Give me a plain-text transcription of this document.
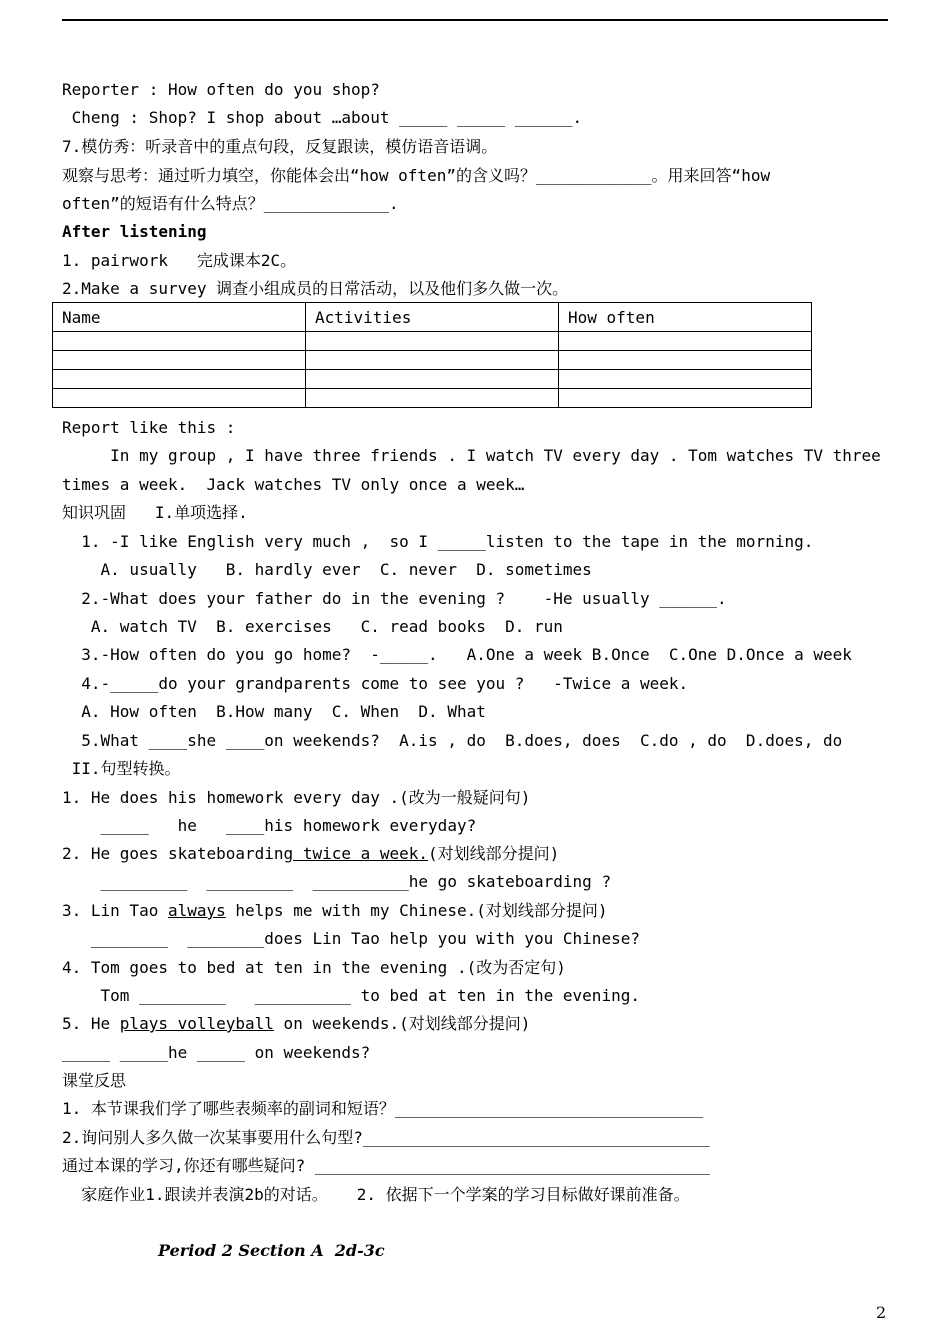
Reporter : How often do you shop?
Cheng : Shop? I shop about …about _____ _____ ______.
7.模仿秀：听录音中的重点句段，反复跟读，模仿语音语调。
观察与思考：通过听力填空，你能体会出“how often”的含义吗？____________。用来回答“how
often”的短语有什么特点？_____________.
After listening
1. pairwork   完成课本2C。
2.Make a survey 调查小组成员的日常活动，以及他们多久做一次。
Name	Activities	How often

Report like this :
In my group , I have three friends . I watch TV every day . Tom watches TV three
times a week.  Jack watches TV only once a week…
知识巩固   I.单项选择.
1. -I like English very much ,  so I _____listen to the tape in the morning.
A. usually   B. hardly ever  C. never  D. sometimes
2.-What does your father do in the evening ?    -He usually ______.
A. watch TV  B. exercises   C. read books  D. run
3.-How often do you go home?  -_____.   A.One a week B.Once  C.One D.Once a week
4.-_____do your grandparents come to see you ?   -Twice a week.
A. How often  B.How many  C. When  D. What
5.What ____she ____on weekends?  A.is , do  B.does, does  C.do , do  D.does, do
II.句型转换。
1. He does his homework every day .(改为一般疑问句)
_____   he   ____his homework everyday?
2. He goes skateboarding twice a week.(对划线部分提问)
_________  _________  __________he go skateboarding ?
3. Lin Tao always helps me with my Chinese.(对划线部分提问)
________  ________does Lin Tao help you with you Chinese?
4. Tom goes to bed at ten in the evening .(改为否定句)
Tom _________   __________ to bed at ten in the evening.
5. He plays volleyball on weekends.(对划线部分提问)
_____ _____he _____ on weekends?
课堂反思
1. 本节课我们学了哪些表频率的副词和短语？________________________________
2.询问别人多久做一次某事要用什么句型?____________________________________
通过本课的学习,你还有哪些疑问? _________________________________________
家庭作业1.跟读并表演2b的对话。   2. 依据下一个学案的学习目标做好课前准备。
Period 2 Section A  2d-3c
2
